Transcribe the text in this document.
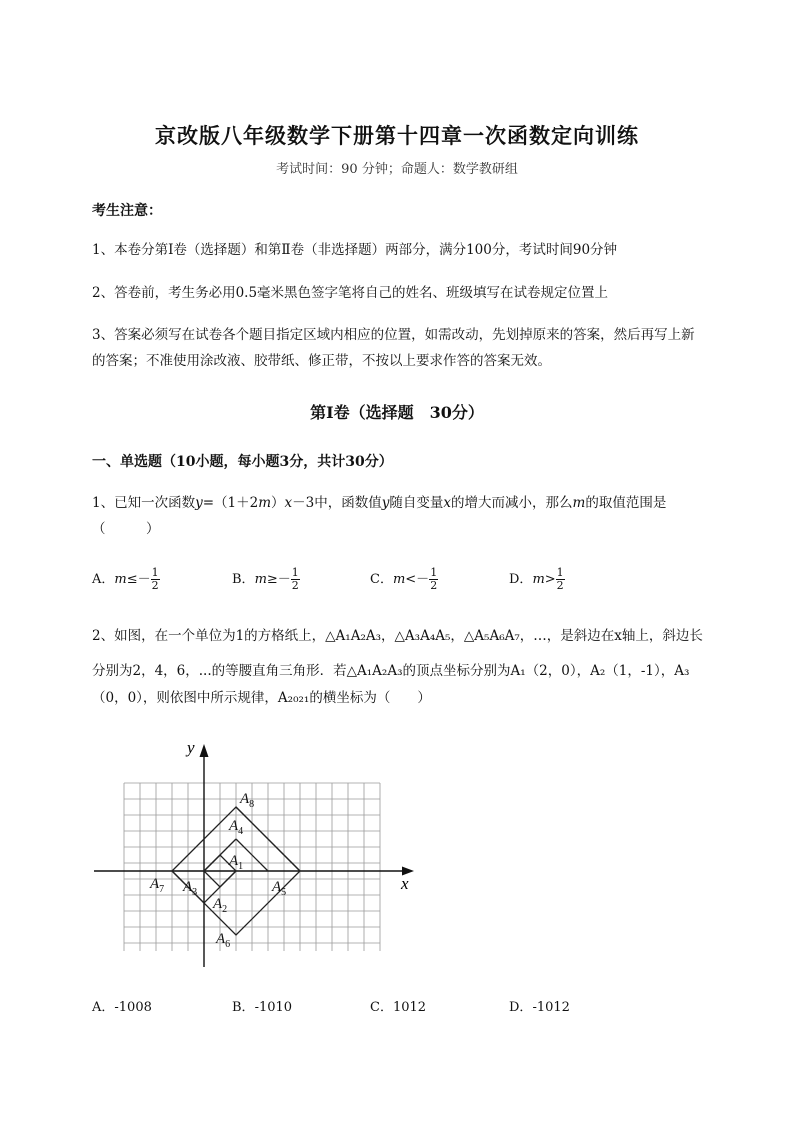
京改版八年级数学下册第十四章一次函数定向训练
考试时间：90 分钟；命题人：数学教研组
考生注意：
1、本卷分第I卷（选择题）和第Ⅱ卷（非选择题）两部分，满分100分，考试时间90分钟
2、答卷前，考生务必用0.5毫米黑色签字笔将自己的姓名、班级填写在试卷规定位置上
3、答案必须写在试卷各个题目指定区域内相应的位置，如需改动，先划掉原来的答案，然后再写上新
的答案；不准使用涂改液、胶带纸、修正带，不按以上要求作答的答案无效。
第I卷（选择题　30分）
一、单选题（10小题，每小题3分，共计30分）
1、已知一次函数y=（1＋2m）x－3中，函数值y随自变量x的增大而减小，那么m的取值范围是
（　　　）
A．$m\le- \frac{1}{2}$	B．$m\ge- \frac{1}{2}$	C．$m<- \frac{1}{2}$	D．$m> \frac{1}{2}$
2、如图，在一个单位为1的方格纸上，△A₁A₂A₃，△A₃A₄A₅，△A₅A₆A₇，…，是斜边在x轴上，斜边长
分别为2，4，6，...的等腰直角三角形．若△A₁A₂A₃的顶点坐标分别为A₁（2，0），A₂（1，-1），A₃
（0，0），则依图中所示规律，A₂₀₂₁的横坐标为（　　）
x
y
$A_1$
$A_2$
$A_3$
$A_4$
$A_5$
$A_6$
$A_7$
$A_8$
A．-1008	B．-1010	C．1012	D．-1012
